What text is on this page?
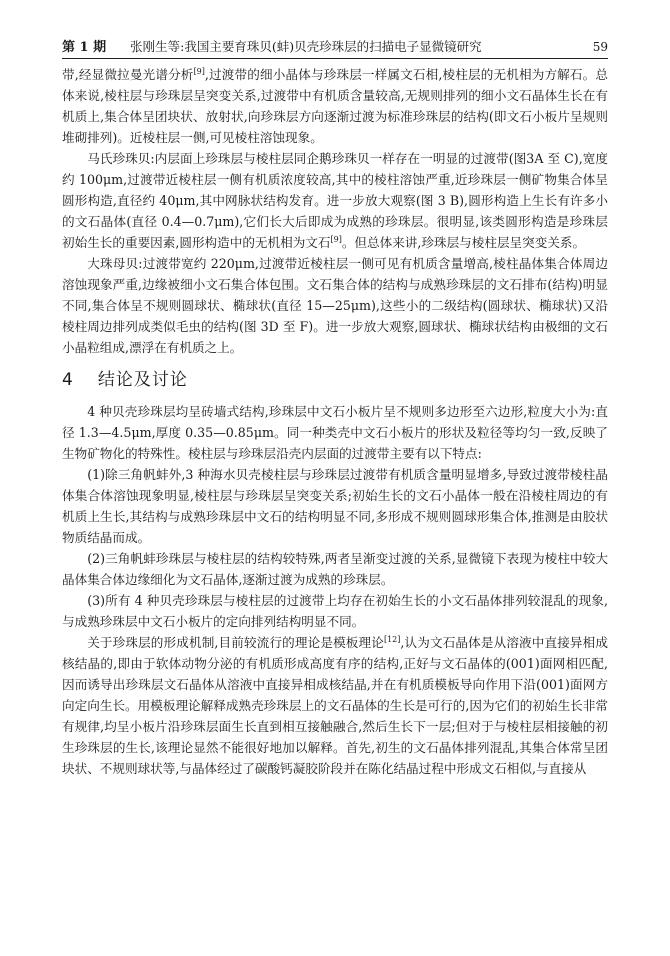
第 1 期	张刚生等:我国主要育珠贝(蚌)贝壳珍珠层的扫描电子显微镜研究	59

带,经显微拉曼光谱分析[9],过渡带的细小晶体与珍珠层一样属文石相,棱柱层的无机相为方解石。总体来说,棱柱层与珍珠层呈突变关系,过渡带中有机质含量较高,无规则排列的细小文石晶体生长在有机质上,集合体呈团块状、放射状,向珍珠层方向逐渐过渡为标准珍珠层的结构(即文石小板片呈规则堆砌排列)。近棱柱层一侧,可见棱柱溶蚀现象。

马氏珍珠贝:内层面上珍珠层与棱柱层同企鹅珍珠贝一样存在一明显的过渡带(图3A 至 C),宽度约 100μm,过渡带近棱柱层一侧有机质浓度较高,其中的棱柱溶蚀严重,近珍珠层一侧矿物集合体呈圆形构造,直径约 40μm,其中网脉状结构发育。进一步放大观察(图 3 B),圆形构造上生长有许多小的文石晶体(直径 0.4—0.7μm),它们长大后即成为成熟的珍珠层。很明显,该类圆形构造是珍珠层初始生长的重要因素,圆形构造中的无机相为文石[9]。但总体来讲,珍珠层与棱柱层呈突变关系。

大珠母贝:过渡带宽约 220μm,过渡带近棱柱层一侧可见有机质含量增高,棱柱晶体集合体周边溶蚀现象严重,边缘被细小文石集合体包围。文石集合体的结构与成熟珍珠层的文石排布(结构)明显不同,集合体呈不规则圆球状、椭球状(直径 15—25μm),这些小的二级结构(圆球状、椭球状)又沿棱柱周边排列成类似毛虫的结构(图 3D 至 F)。进一步放大观察,圆球状、椭球状结构由极细的文石小晶粒组成,漂浮在有机质之上。

4 结论及讨论

4 种贝壳珍珠层均呈砖墙式结构,珍珠层中文石小板片呈不规则多边形至六边形,粒度大小为:直径 1.3—4.5μm,厚度 0.35—0.85μm。同一种类壳中文石小板片的形状及粒径等均匀一致,反映了生物矿物化的特殊性。棱柱层与珍珠层沿壳内层面的过渡带主要有以下特点:

(1)除三角帆蚌外,3 种海水贝壳棱柱层与珍珠层过渡带有机质含量明显增多,导致过渡带棱柱晶体集合体溶蚀现象明显,棱柱层与珍珠层呈突变关系;初始生长的文石小晶体一般在沿棱柱周边的有机质上生长,其结构与成熟珍珠层中文石的结构明显不同,多形成不规则圆球形集合体,推测是由胶状物质结晶而成。

(2)三角帆蚌珍珠层与棱柱层的结构较特殊,两者呈渐变过渡的关系,显微镜下表现为棱柱中较大晶体集合体边缘细化为文石晶体,逐渐过渡为成熟的珍珠层。

(3)所有 4 种贝壳珍珠层与棱柱层的过渡带上均存在初始生长的小文石晶体排列较混乱的现象,与成熟珍珠层中文石小板片的定向排列结构明显不同。

关于珍珠层的形成机制,目前较流行的理论是模板理论[12],认为文石晶体是从溶液中直接异相成核结晶的,即由于软体动物分泌的有机质形成高度有序的结构,正好与文石晶体的(001)面网相匹配,因而诱导出珍珠层文石晶体从溶液中直接异相成核结晶,并在有机质模板导向作用下沿(001)面网方向定向生长。用模板理论解释成熟壳珍珠层上的文石晶体的生长是可行的,因为它们的初始生长非常有规律,均呈小板片沿珍珠层面生长直到相互接触融合,然后生长下一层;但对于与棱柱层相接触的初生珍珠层的生长,该理论显然不能很好地加以解释。首先,初生的文石晶体排列混乱,其集合体常呈团块状、不规则球状等,与晶体经过了碳酸钙凝胶阶段并在陈化结晶过程中形成文石相似,与直接从
